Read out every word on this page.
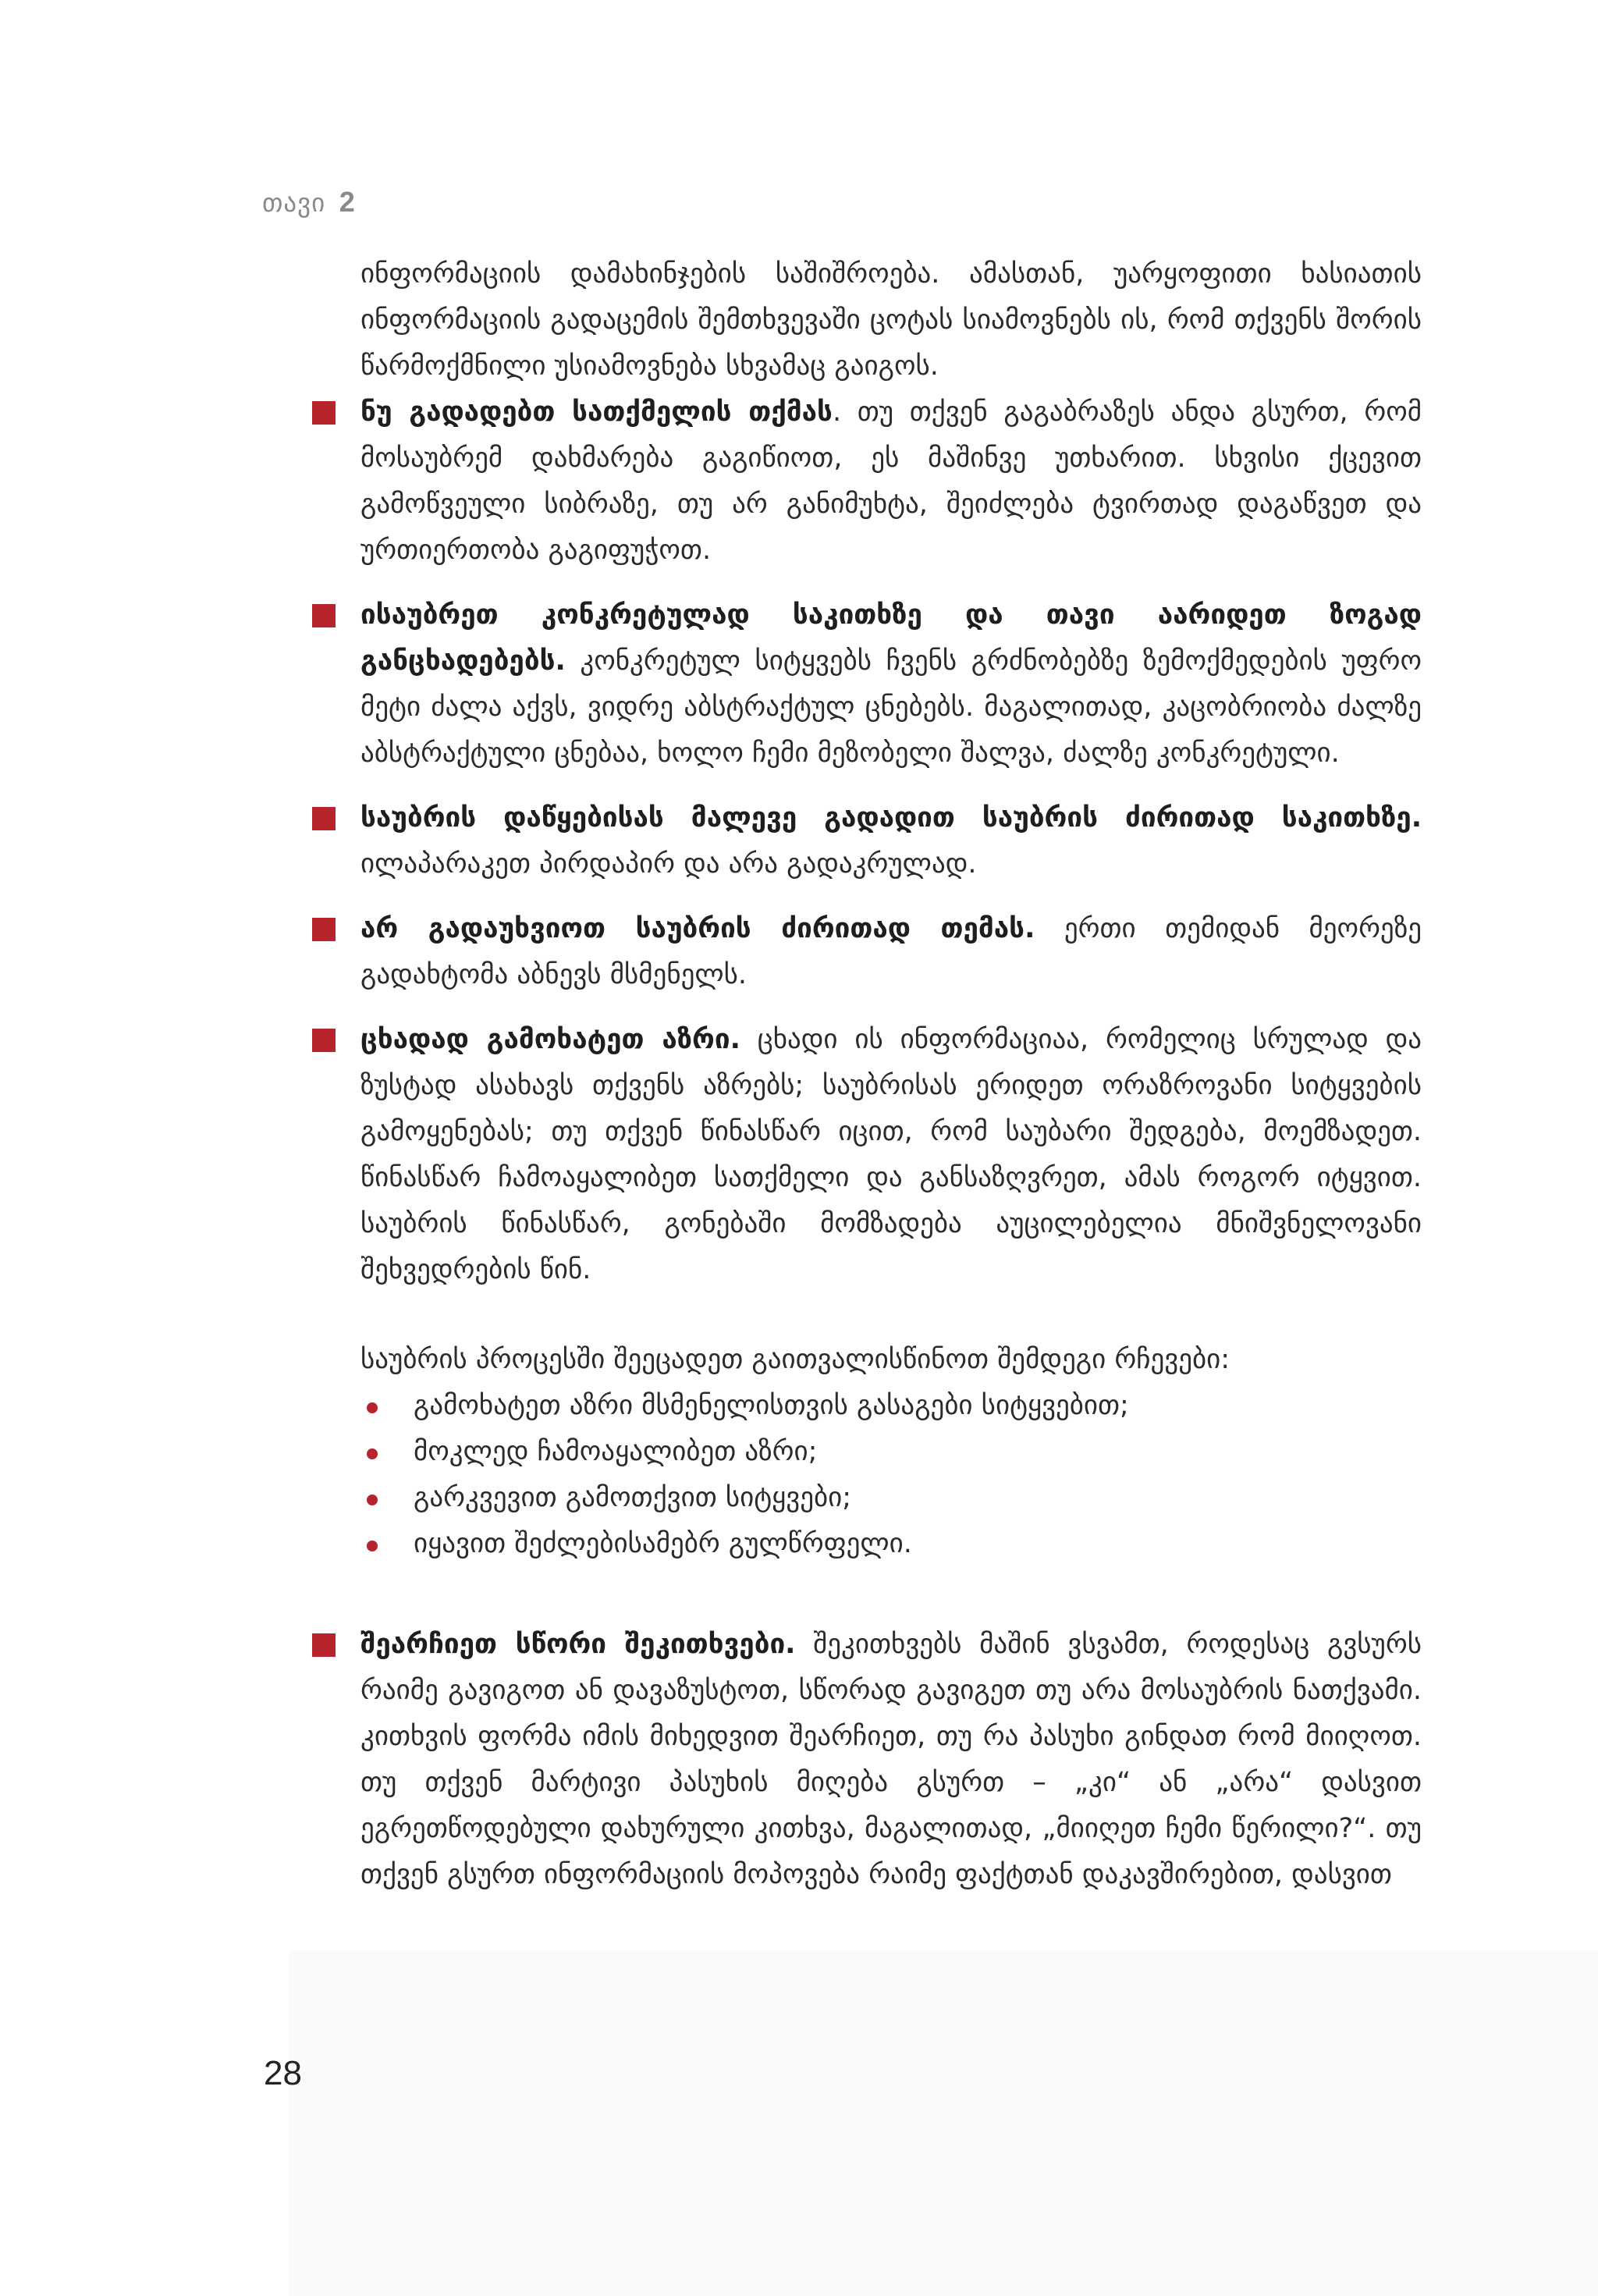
თავი 2

ინფორმაციის დამახინჯების საშიშროება. ამასთან, უარყოფითი ხასიათის ინფორმაციის გადაცემის შემთხვევაში ცოტას სიამოვნებს ის, რომ თქვენს შორის წარმოქმნილი უსიამოვნება სხვამაც გაიგოს.

ნუ გადადებთ სათქმელის თქმას. თუ თქვენ გაგაბრაზეს ანდა გსურთ, რომ მოსაუბრემ დახმარება გაგიწიოთ, ეს მაშინვე უთხარით. სხვისი ქცევით გამოწვეული სიბრაზე, თუ არ განიმუხტა, შეიძლება ტვირთად დაგაწვეთ და ურთიერთობა გაგიფუჭოთ.
ისაუბრეთ კონკრეტულად საკითხზე და თავი აარიდეთ ზოგად განცხადებებს. კონკრეტულ სიტყვებს ჩვენს გრძნობებზე ზემოქმედების უფრო მეტი ძალა აქვს, ვიდრე აბსტრაქტულ ცნებებს. მაგალითად, კაცობრიობა ძალზე აბსტრაქტული ცნებაა, ხოლო ჩემი მეზობელი შალვა, ძალზე კონკრეტული.
საუბრის დაწყებისას მალევე გადადით საუბრის ძირითად საკითხზე. ილაპარაკეთ პირდაპირ და არა გადაკრულად.
არ გადაუხვიოთ საუბრის ძირითად თემას. ერთი თემიდან მეორეზე გადახტომა აბნევს მსმენელს.
ცხადად გამოხატეთ აზრი. ცხადი ის ინფორმაციაა, რომელიც სრულად და ზუსტად ასახავს თქვენს აზრებს; საუბრისას ერიდეთ ორაზროვანი სიტყვების გამოყენებას; თუ თქვენ წინასწარ იცით, რომ საუბარი შედგება, მოემზადეთ. წინასწარ ჩამოაყალიბეთ სათქმელი და განსაზღვრეთ, ამას როგორ იტყვით. საუბრის წინასწარ, გონებაში მომზადება აუცილებელია მნიშვნელოვანი შეხვედრების წინ.

საუბრის პროცესში შეეცადეთ გაითვალისწინოთ შემდეგი რჩევები:

გამოხატეთ აზრი მსმენელისთვის გასაგები სიტყვებით;
მოკლედ ჩამოაყალიბეთ აზრი;
გარკვევით გამოთქვით სიტყვები;
იყავით შეძლებისამებრ გულწრფელი.
შეარჩიეთ სწორი შეკითხვები. შეკითხვებს მაშინ ვსვამთ, როდესაც გვსურს რაიმე გავიგოთ ან დავაზუსტოთ, სწორად გავიგეთ თუ არა მოსაუბრის ნათქვამი. კითხვის ფორმა იმის მიხედვით შეარჩიეთ, თუ რა პასუხი გინდათ რომ მიიღოთ. თუ თქვენ მარტივი პასუხის მიღება გსურთ – „კი“ ან „არა“ დასვით ეგრეთწოდებული დახურული კითხვა, მაგალითად, „მიიღეთ ჩემი წერილი?“. თუ თქვენ გსურთ ინფორმაციის მოპოვება რაიმე ფაქტთან დაკავშირებით, დასვით
28
